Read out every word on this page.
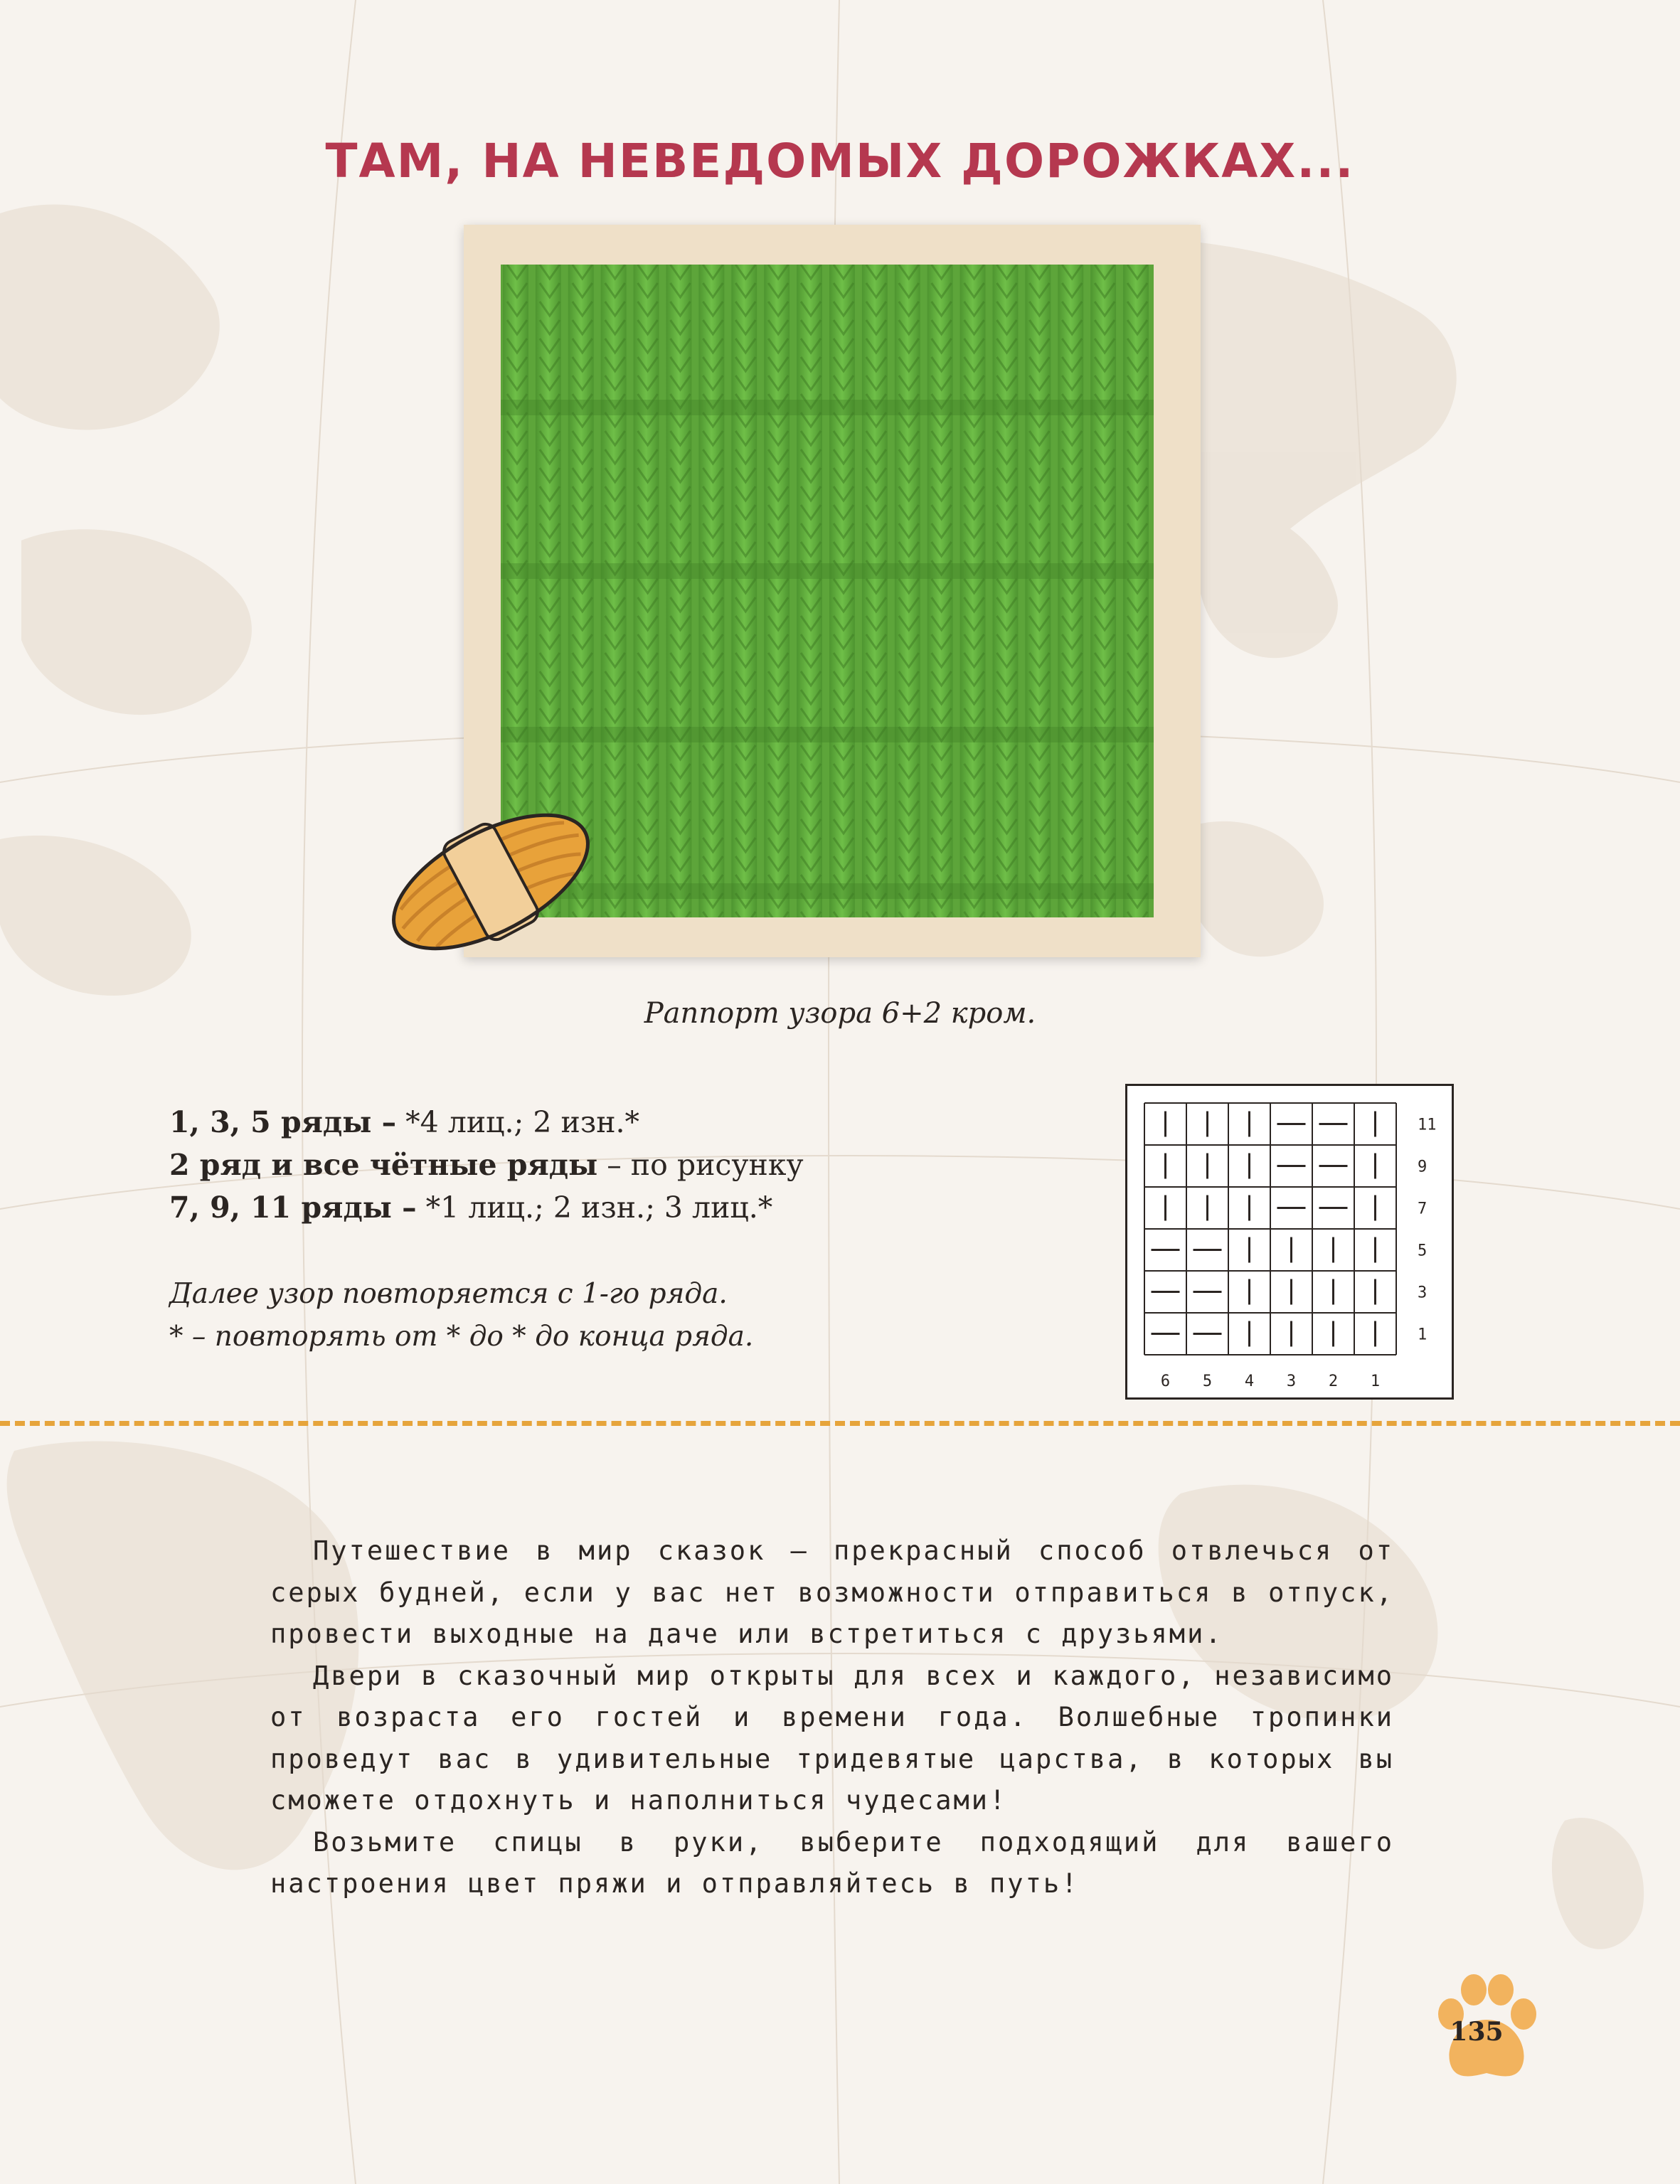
ТАМ, НА НЕВЕДОМЫХ ДОРОЖКАХ...
Раппорт узора 6+2 кром.
1, 3, 5 ряды – *4 лиц.; 2 изн.*
2 ряд и все чётные ряды – по рисунку
7, 9, 11 ряды – *1 лиц.; 2 изн.; 3 лиц.*
Далее узор повторяется с 1-го ряда.
* – повторять от * до * до конца ряда.
11
9
7
5
3
1
6 5 4 3 2 1

Путешествие в мир сказок – прекрасный способ отвлечься от серых будней, если у вас нет возможности отправиться в отпуск, провести выходные на даче или встретиться с друзьями.

Двери в сказочный мир открыты для всех и каждого, независимо от возраста его гостей и времени года. Волшебные тропинки проведут вас в удивительные тридевятые царства, в которых вы сможете отдохнуть и наполниться чудесами!

Возьмите спицы в руки, выберите подходящий для вашего настроения цвет пряжи и отправляйтесь в путь!

135
